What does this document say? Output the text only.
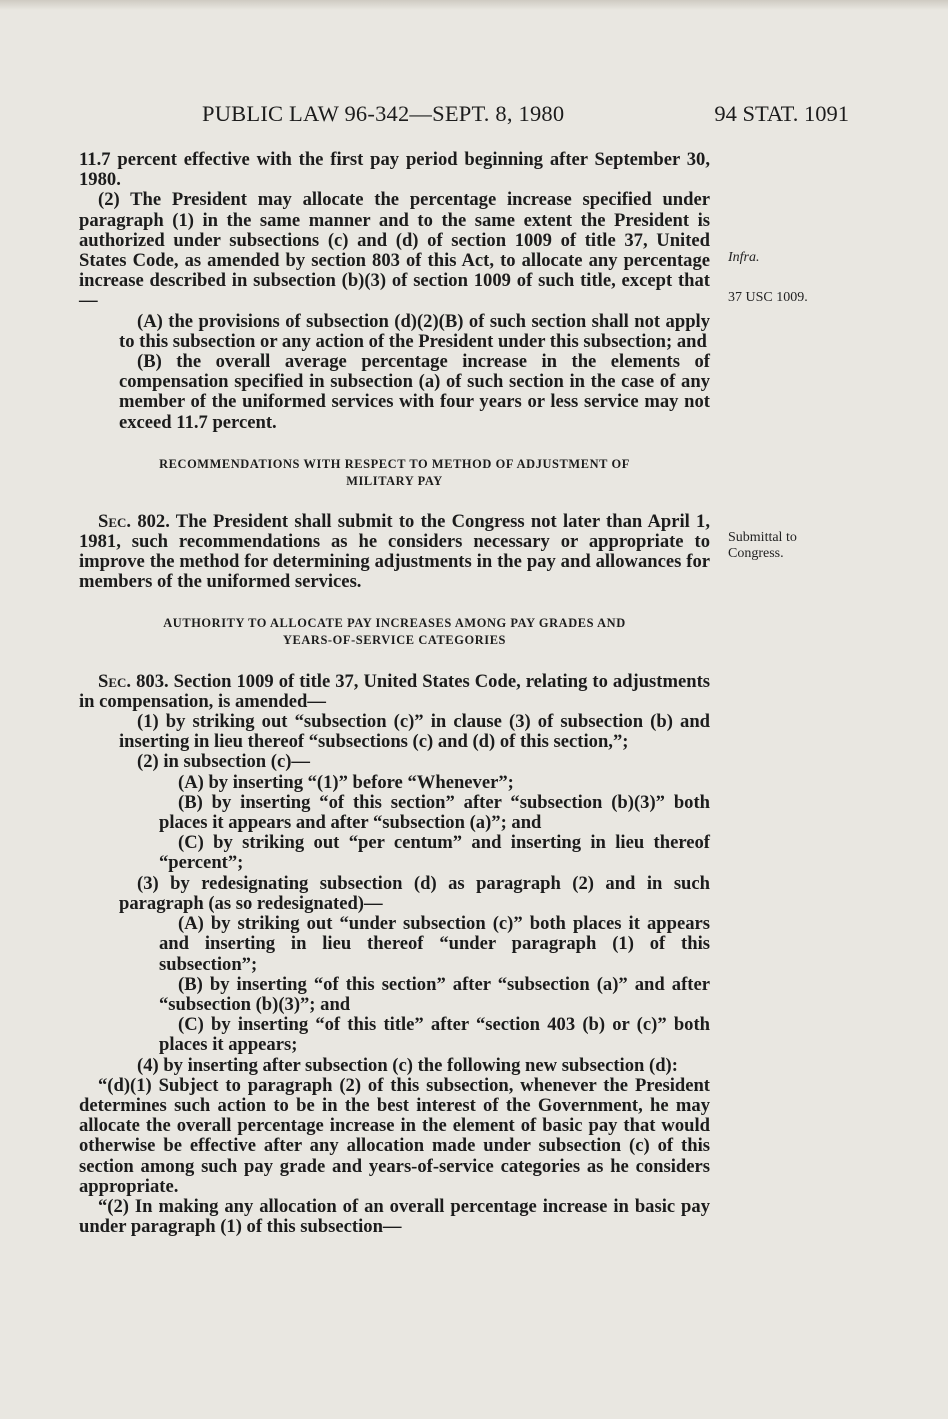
PUBLIC LAW 96-342—SEPT. 8, 1980	94 STAT. 1091

11.7 percent effective with the first pay period beginning after September 30, 1980.

(2) The President may allocate the percentage increase specified under paragraph (1) in the same manner and to the same extent the President is authorized under subsections (c) and (d) of section 1009 of title 37, United States Code, as amended by section 803 of this Act, to allocate any percentage increase described in subsection (b)(3) of section 1009 of such title, except that—

(A) the provisions of subsection (d)(2)(B) of such section shall not apply to this subsection or any action of the President under this subsection; and

(B) the overall average percentage increase in the elements of compensation specified in subsection (a) of such section in the case of any member of the uniformed services with four years or less service may not exceed 11.7 percent.

RECOMMENDATIONS WITH RESPECT TO METHOD OF ADJUSTMENT OF
MILITARY PAY

Sec. 802. The President shall submit to the Congress not later than April 1, 1981, such recommendations as he considers necessary or appropriate to improve the method for determining adjustments in the pay and allowances for members of the uniformed services.

AUTHORITY TO ALLOCATE PAY INCREASES AMONG PAY GRADES AND
YEARS-OF-SERVICE CATEGORIES

Sec. 803. Section 1009 of title 37, United States Code, relating to adjustments in compensation, is amended—

(1) by striking out “subsection (c)” in clause (3) of subsection (b) and inserting in lieu thereof “subsections (c) and (d) of this section,”;

(2) in subsection (c)—

(A) by inserting “(1)” before “Whenever”;

(B) by inserting “of this section” after “subsection (b)(3)” both places it appears and after “subsection (a)”; and

(C) by striking out “per centum” and inserting in lieu thereof “percent”;

(3) by redesignating subsection (d) as paragraph (2) and in such paragraph (as so redesignated)—

(A) by striking out “under subsection (c)” both places it appears and inserting in lieu thereof “under paragraph (1) of this subsection”;

(B) by inserting “of this section” after “subsection (a)” and after “subsection (b)(3)”; and

(C) by inserting “of this title” after “section 403 (b) or (c)” both places it appears;

(4) by inserting after subsection (c) the following new subsection (d):

“(d)(1) Subject to paragraph (2) of this subsection, whenever the President determines such action to be in the best interest of the Government, he may allocate the overall percentage increase in the element of basic pay that would otherwise be effective after any allocation made under subsection (c) of this section among such pay grade and years-of-service categories as he considers appropriate.

“(2) In making any allocation of an overall percentage increase in basic pay under paragraph (1) of this subsection—

Infra.
37 USC 1009.
Submittal to
Congress.
